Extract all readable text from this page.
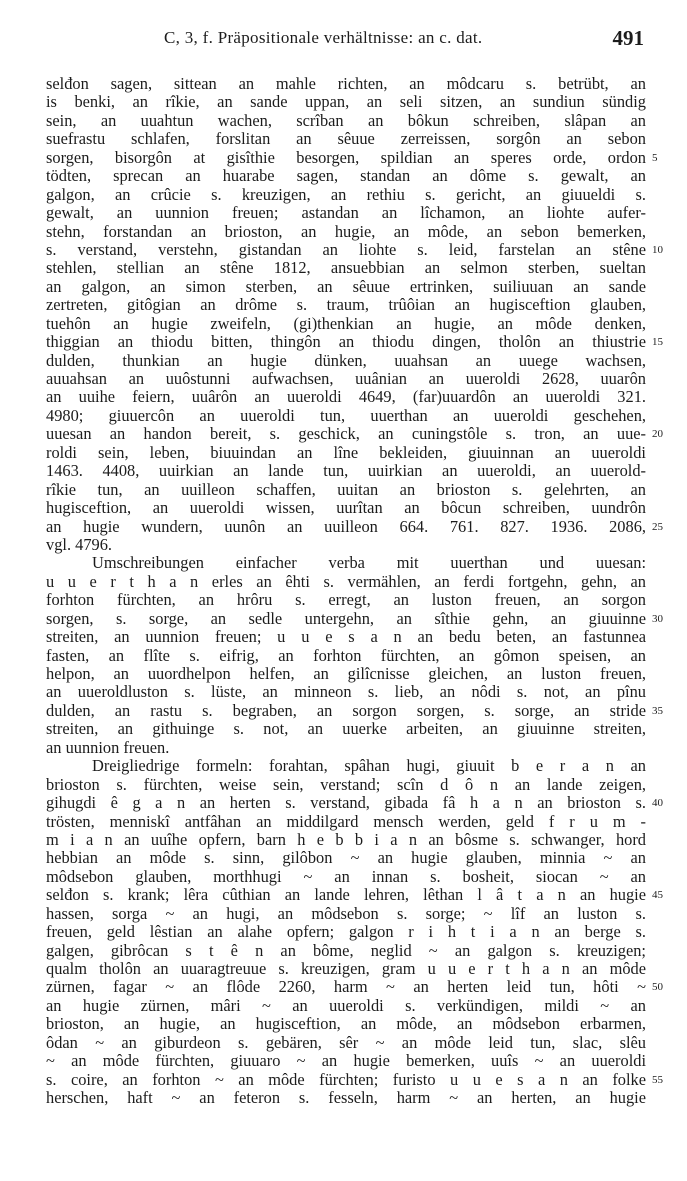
C, 3, f. Präpositionale verhältnisse: an c. dat.	491
selđon sagen, sitteаn an mahle richten, an môdcaru s. betrübt, an
is benki, an rîkie, an sande uppan, an seli sitzen, an sundiun sündig
sein, an uuahtun wachen, scrîban an bôkun schreiben, slâpan an
suefrastu schlafen, forslitan an sêuue zerreissen, sorgôn an sebon
sorgen, bisorgôn at gisîthie besorgen, spildian an speres orde, ordon 5
tödten, sprecan an huarabe sagen, standan an dôme s. gewalt, an
galgon, an crûcie s. kreuzigen, an rethiu s. gericht, an giuueldi s.
gewalt, an uunnion freuen; astandan an lîchamon, an liohte aufer-
stehn, forstandan an brioston, an hugie, an môde, an sebon bemerken,
s. verstand, verstehn, gistandan an liohte s. leid, farstelan an stêne 10
stehlen, stellian an stêne 1812, ansuebbian an selmon sterben, sueltan
an galgon, an simon sterben, an sêuue ertrinken, suiliuuan an sande
zertreten, gitôgian an drôme s. traum, trûôian an hugisceftion glauben,
tuehôn an hugie zweifeln, (gi)thenkian an hugie, an môde denken,
thiggian an thiodu bitten, thingôn an thiodu dingen, tholôn an thiustrie 15
dulden, thunkian an hugie dünken, uuahsan an uuege wachsen,
auuahsan an uuôstunni aufwachsen, uuânian an uueroldi 2628, uuarôn
an uuihe feiern, uuârôn an uueroldi 4649, (far)uuardôn an uueroldi 321.
4980; giuuercôn an uueroldi tun, uuerthan an uueroldi geschehen,
uuesan an handon bereit, s. geschick, an cuningstôle s. tron, an uue- 20
roldi sein, leben, biuuindan an lîne bekleiden, giuuinnan an uueroldi
1463. 4408, uuirkian an lande tun, uuirkian an uueroldi, an uuerold-
rîkie tun, an uuilleon schaffen, uuitan an brioston s. gelehrten, an
hugisceftion, an uueroldi wissen, uurîtan an bôcun schreiben, uundrôn
an hugie wundern, uunôn an uuilleon 664. 761. 827. 1936. 2086, 25
vgl. 4796.
Umschreibungen einfacher verba mit uuerthan und uuesan:
u u e r t h a n erles an êhti s. vermählen, an ferdi fortgehn, gehn, an
forhton fürchten, an hrôru s. erregt, an luston freuen, an sorgon
sorgen, s. sorge, an sedle untergehn, an sîthie gehn, an giuuinne 30
streiten, an uunnion freuen; u u e s a n an bedu beten, an fastunnea
fasten, an flîte s. eifrig, an forhton fürchten, an gômon speisen, an
helpon, an uuordhelpon helfen, an gilîcnisse gleichen, an luston freuen,
an uueroldluston s. lüste, an minneon s. lieb, an nôdi s. not, an pînu
dulden, an rastu s. begraben, an sorgon sorgen, s. sorge, an stride 35
streiten, an githuinge s. not, an uuerke arbeiten, an giuuinne streiten,
an uunnion freuen.
Dreigliedrige formeln: forahtan, spâhan hugi, giuuit b e r a n an
brioston s. fürchten, weise sein, verstand; scîn d ô n an lande zeigen,
gihugdi ê g a n an herten s. verstand, gibada fâ h a n an brioston s. 40
trösten, menniskî antfâhan an middilgard mensch werden, geld f r u m -
m i a n an uuîhe opfern, barn h e b b i a n an bôsme s. schwanger, hord
hebbian an môde s. sinn, gilôbon ~ an hugie glauben, minnia ~ an
môdsebon glauben, morthhugi ~ an innan s. bosheit, siocan ~ an
selđon s. krank; lêra cûthian an lande lehren, lêthan l â t a n an hugie 45
hassen, sorga ~ an hugi, an môdsebon s. sorge; ~ lîf an luston s.
freuen, geld lêstian an alahe opfern; galgon r i h t i a n an berge s.
galgen, gibrôcan s t ê n an bôme, neglid ~ an galgon s. kreuzigen;
qualm tholôn an uuaragtreuue s. kreuzigen, gram u u e r t h a n an môde
zürnen, fagar ~ an flôde 2260, harm ~ an herten leid tun, hôti ~ 50
an hugie zürnen, mâri ~ an uueroldi s. verkündigen, mildi ~ an
brioston, an hugie, an hugisceftion, an môde, an môdsebon erbarmen,
ôdan ~ an giburdeon s. gebären, sêr ~ an môde leid tun, slac, slêu
~ an môde fürchten, giuuaro ~ an hugie bemerken, uuîs ~ an uueroldi
s. coire, an forhton ~ an môde fürchten; furisto u u e s a n an folke 55
herschen, haft ~ an feteron s. fesseln, harm ~ an herten, an hugie
